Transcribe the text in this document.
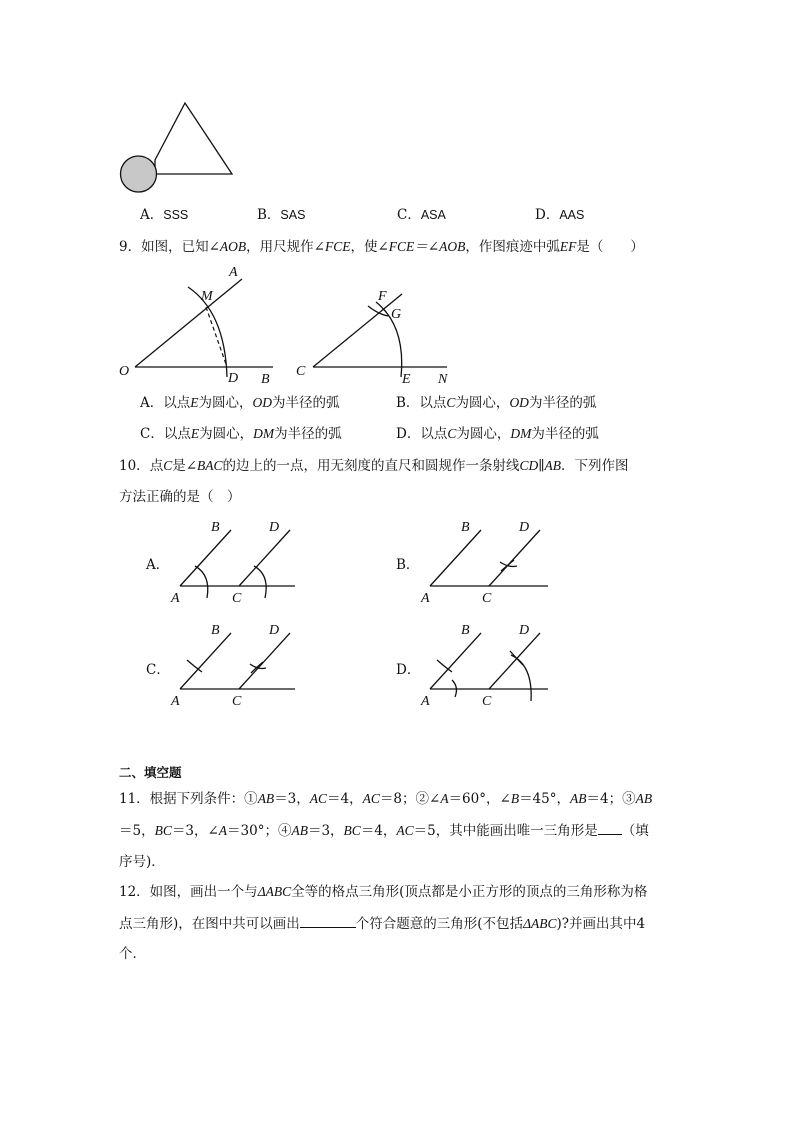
A．SSS	B．SAS	C．ASA	D．AAS
9．如图，已知∠AOB，用尺规作∠FCE，使∠FCE＝∠AOB，作图痕迹中弧EF是（　　）
A
M
O	D B
F
G
C
E N
A．以点E为圆心，OD为半径的弧	B．以点C为圆心，OD为半径的弧
C．以点E为圆心，DM为半径的弧	D．以点C为圆心，DM为半径的弧
10．点C是∠BAC的边上的一点，用无刻度的直尺和圆规作一条射线CD∥AB．下列作图
方法正确的是（　）
A．	B．
C．	D．
B	D
A	C
B	D
A	C
B	D
A	C
B	D
A	C
二、填空题
11．根据下列条件：①AB＝3，AC＝4，AC＝8；②∠A＝60°，∠B＝45°，AB＝4；③AB
＝5，BC＝3，∠A＝30°；④AB＝3，BC＝4，AC＝5，其中能画出唯一三角形是 （填
序号)．
12．如图，画出一个与ΔABC全等的格点三角形(顶点都是小正方形的顶点的三角形称为格
点三角形)，在图中共可以画出	个符合题意的三角形(不包括ΔABC)?并画出其中4
个．
